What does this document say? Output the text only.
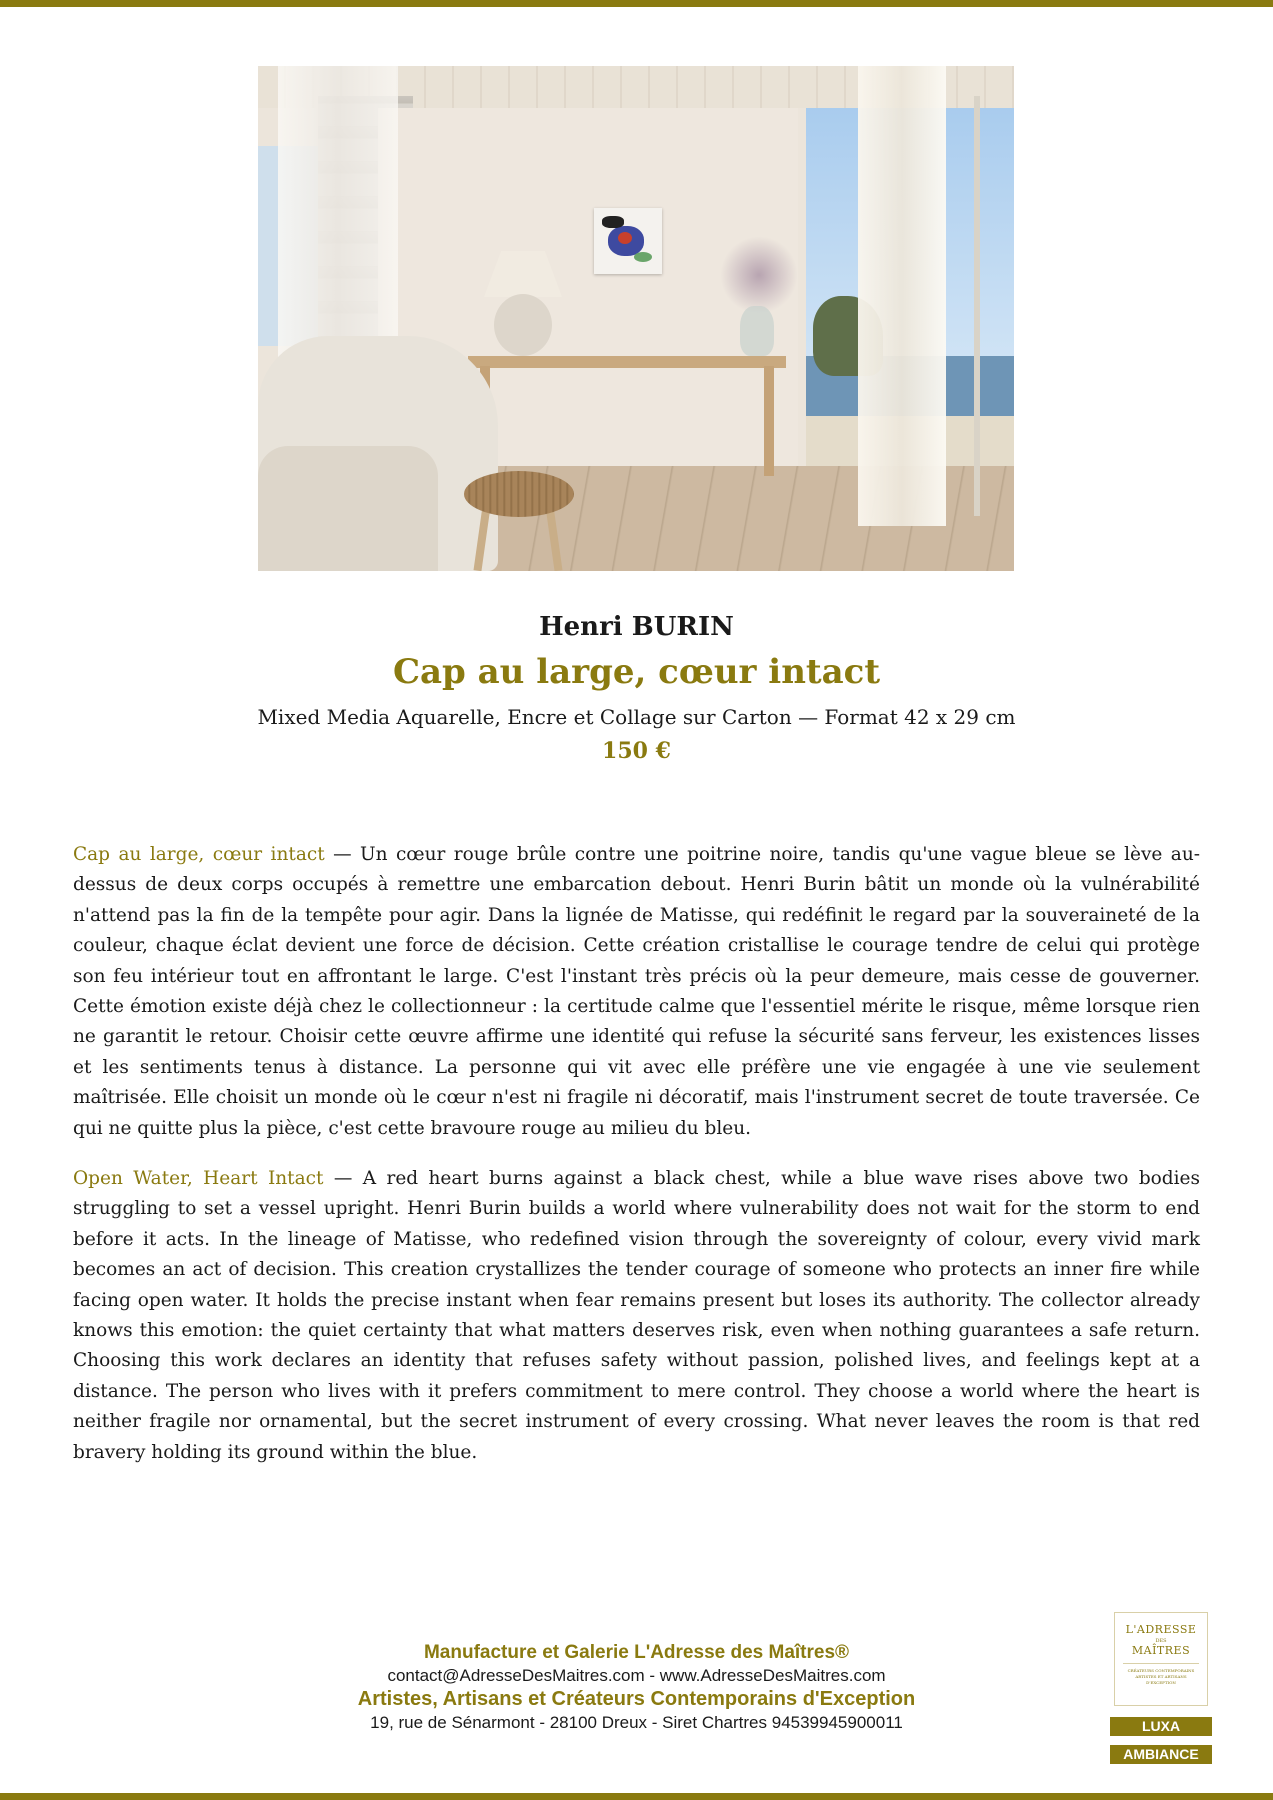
Henri BURIN
Cap au large, cœur intact
Mixed Media Aquarelle, Encre et Collage sur Carton — Format 42 x 29 cm
150 €

Cap au large, cœur intact — Un cœur rouge brûle contre une poitrine noire, tandis qu'une vague bleue se lève au-dessus de deux corps occupés à remettre une embarcation debout. Henri Burin bâtit un monde où la vulnérabilité n'attend pas la fin de la tempête pour agir. Dans la lignée de Matisse, qui redéfinit le regard par la souveraineté de la couleur, chaque éclat devient une force de décision. Cette création cristallise le courage tendre de celui qui protège son feu intérieur tout en affrontant le large. C'est l'instant très précis où la peur demeure, mais cesse de gouverner. Cette émotion existe déjà chez le collectionneur : la certitude calme que l'essentiel mérite le risque, même lorsque rien ne garantit le retour. Choisir cette œuvre affirme une identité qui refuse la sécurité sans ferveur, les existences lisses et les sentiments tenus à distance. La personne qui vit avec elle préfère une vie engagée à une vie seulement maîtrisée. Elle choisit un monde où le cœur n'est ni fragile ni décoratif, mais l'instrument secret de toute traversée. Ce qui ne quitte plus la pièce, c'est cette bravoure rouge au milieu du bleu.

Open Water, Heart Intact — A red heart burns against a black chest, while a blue wave rises above two bodies struggling to set a vessel upright. Henri Burin builds a world where vulnerability does not wait for the storm to end before it acts. In the lineage of Matisse, who redefined vision through the sovereignty of colour, every vivid mark becomes an act of decision. This creation crystallizes the tender courage of someone who protects an inner fire while facing open water. It holds the precise instant when fear remains present but loses its authority. The collector already knows this emotion: the quiet certainty that what matters deserves risk, even when nothing guarantees a safe return. Choosing this work declares an identity that refuses safety without passion, polished lives, and feelings kept at a distance. The person who lives with it prefers commitment to mere control. They choose a world where the heart is neither fragile nor ornamental, but the secret instrument of every crossing. What never leaves the room is that red bravery holding its ground within the blue.

Manufacture et Galerie L'Adresse des Maîtres®
contact@AdresseDesMaitres.com - www.AdresseDesMaitres.com
Artistes, Artisans et Créateurs Contemporains d'Exception
19, rue de Sénarmont - 28100 Dreux - Siret Chartres 94539945900011
L'ADRESSE
DES
MAÎTRES
CRÉATEURS CONTEMPORAINS ARTISTES ET ARTISANS D'EXCEPTION
LUXA
AMBIANCE
